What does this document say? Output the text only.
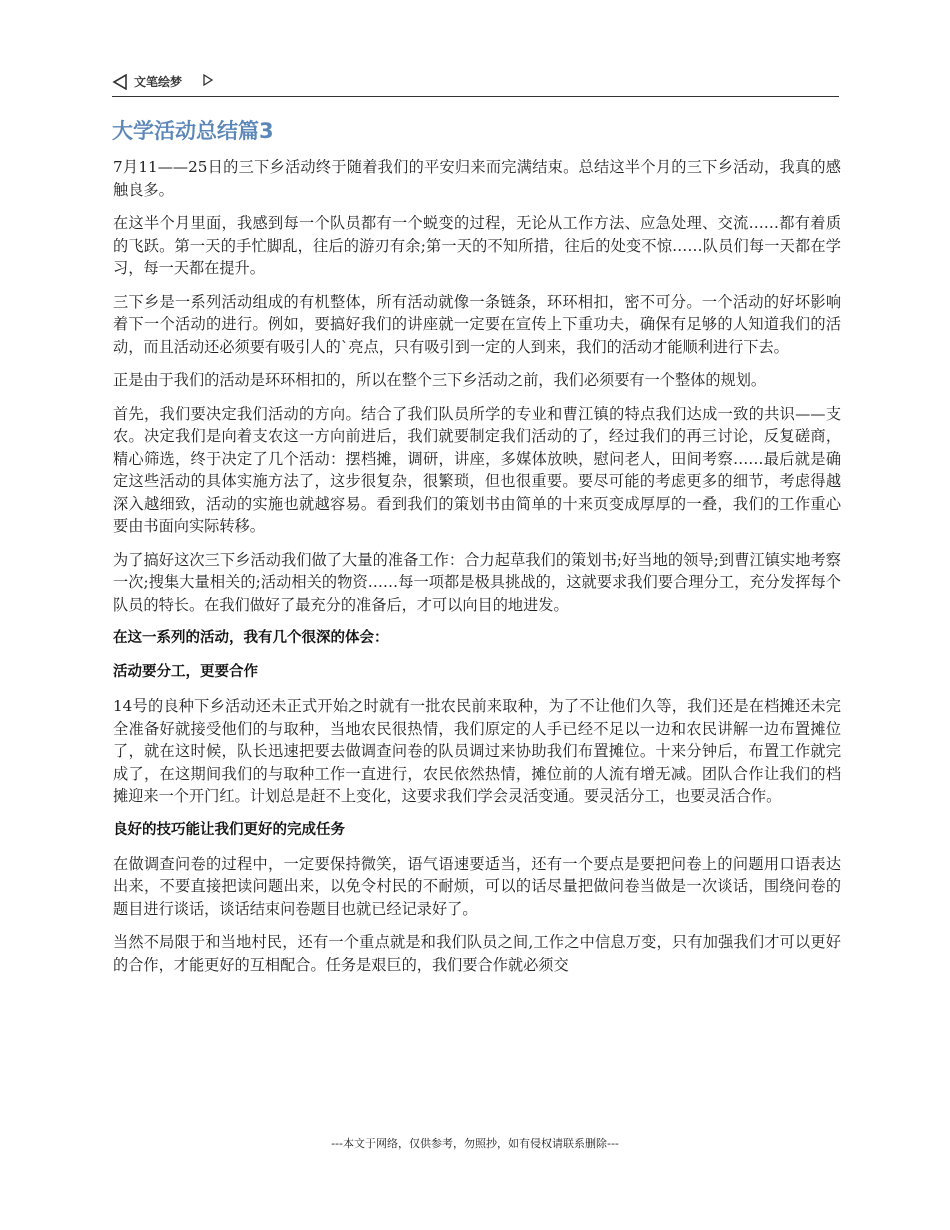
文笔绘梦
大学活动总结篇3

7月11——25日的三下乡活动终于随着我们的平安归来而完满结束。总结这半个月的三下乡活动，我真的感触良多。

在这半个月里面，我感到每一个队员都有一个蜕变的过程，无论从工作方法、应急处理、交流……都有着质的飞跃。第一天的手忙脚乱，往后的游刃有余;第一天的不知所措，往后的处变不惊……队员们每一天都在学习，每一天都在提升。

三下乡是一系列活动组成的有机整体，所有活动就像一条链条，环环相扣，密不可分。一个活动的好坏影响着下一个活动的进行。例如，要搞好我们的讲座就一定要在宣传上下重功夫，确保有足够的人知道我们的活动，而且活动还必须要有吸引人的`亮点，只有吸引到一定的人到来，我们的活动才能顺利进行下去。

正是由于我们的活动是环环相扣的，所以在整个三下乡活动之前，我们必须要有一个整体的规划。

首先，我们要决定我们活动的方向。结合了我们队员所学的专业和曹江镇的特点我们达成一致的共识——支农。决定我们是向着支农这一方向前进后，我们就要制定我们活动的了，经过我们的再三讨论，反复磋商，精心筛选，终于决定了几个活动：摆档摊，调研，讲座，多媒体放映，慰问老人，田间考察……最后就是确定这些活动的具体实施方法了，这步很复杂，很繁琐，但也很重要。要尽可能的考虑更多的细节，考虑得越深入越细致，活动的实施也就越容易。看到我们的策划书由简单的十来页变成厚厚的一叠，我们的工作重心要由书面向实际转移。

为了搞好这次三下乡活动我们做了大量的准备工作：合力起草我们的策划书;好当地的领导;到曹江镇实地考察一次;搜集大量相关的;活动相关的物资……每一项都是极具挑战的，这就要求我们要合理分工，充分发挥每个队员的特长。在我们做好了最充分的准备后，才可以向目的地进发。

在这一系列的活动，我有几个很深的体会：

活动要分工，更要合作

14号的良种下乡活动还未正式开始之时就有一批农民前来取种，为了不让他们久等，我们还是在档摊还未完全准备好就接受他们的与取种，当地农民很热情，我们原定的人手已经不足以一边和农民讲解一边布置摊位了，就在这时候，队长迅速把要去做调查问卷的队员调过来协助我们布置摊位。十来分钟后，布置工作就完成了，在这期间我们的与取种工作一直进行，农民依然热情，摊位前的人流有增无减。团队合作让我们的档摊迎来一个开门红。计划总是赶不上变化，这要求我们学会灵活变通。要灵活分工，也要灵活合作。

良好的技巧能让我们更好的完成任务

在做调查问卷的过程中，一定要保持微笑，语气语速要适当，还有一个要点是要把问卷上的问题用口语表达出来，不要直接把读问题出来，以免令村民的不耐烦，可以的话尽量把做问卷当做是一次谈话，围绕问卷的题目进行谈话，谈话结束问卷题目也就已经记录好了。

当然不局限于和当地村民，还有一个重点就是和我们队员之间,工作之中信息万变，只有加强我们才可以更好的合作，才能更好的互相配合。任务是艰巨的，我们要合作就必须交

---本文于网络，仅供参考，勿照抄，如有侵权请联系删除---
